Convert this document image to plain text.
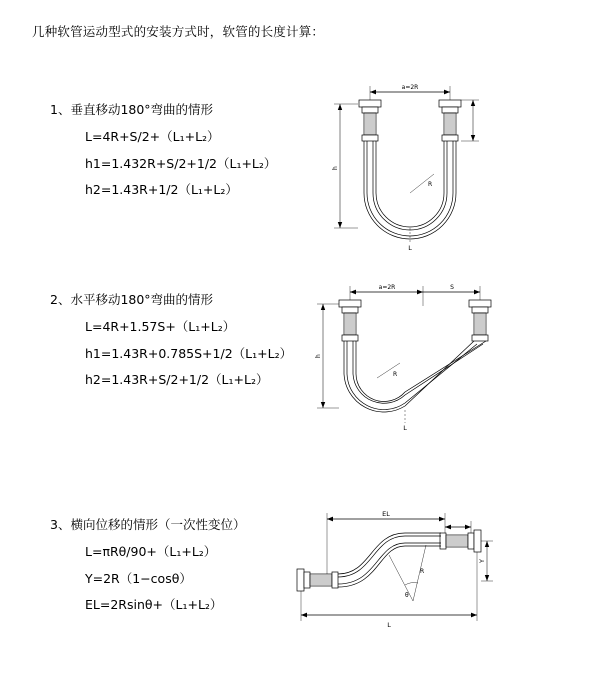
几种软管运动型式的安装方式时，软管的长度计算：
1、垂直移动180°弯曲的情形
L=4R+S/2+（L₁+L₂）
h1=1.432R+S/2+1/2（L₁+L₂）
h2=1.43R+1/2（L₁+L₂）
a=2R
R
h
L
2、水平移动180°弯曲的情形
L=4R+1.57S+（L₁+L₂）
h1=1.43R+0.785S+1/2（L₁+L₂）
h2=1.43R+S/2+1/2（L₁+L₂）
a=2R	S
R
h
L
3、横向位移的情形（一次性变位）
L=πRθ/90+（L₁+L₂）
Y=2R（1−cosθ）
EL=2Rsinθ+（L₁+L₂）
EL
θ
R
Y
L
